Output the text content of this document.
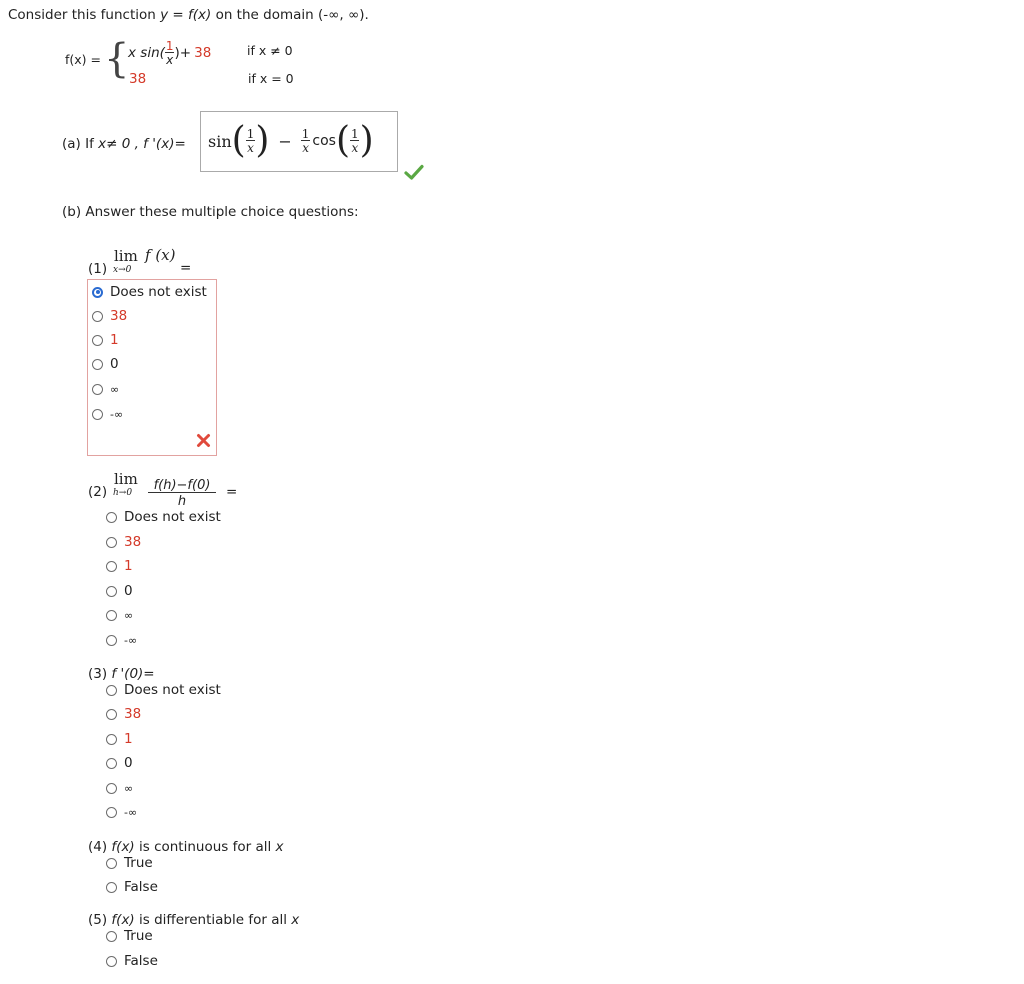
Consider this function y = f(x) on the domain (-∞, ∞).
f(x) = {
x $\sin( \frac{1}{x}$ )+ 38	if x ≠ 0
38	if x = 0
(a) If x≠ 0 , f '(x)= sin ( $\frac{1}{x}$ ) − $\frac{1}{x}$ cos ( $\frac{1}{x}$ )
(b) Answer these multiple choice questions:
(1)
lim
x→0
f (x)
=
Does not exist
38
1
0
∞
-∞
(2)
lim
$h\to 0 \frac{f(h)-f(0)}{h}$ =
Does not exist
38
1
0
∞
-∞
(3) f '(0)=
Does not exist
38
1
0
∞
-∞
(4) f(x) is continuous for all x
True
False
(5) f(x) is differentiable for all x
True
False
